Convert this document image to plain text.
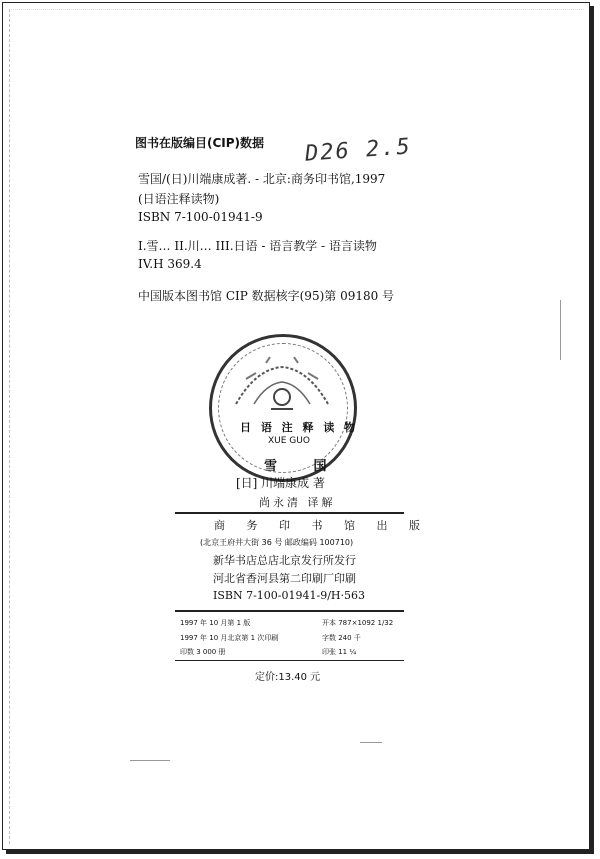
图书在版编目(CIP)数据 D26 2.5
雪国/(日)川端康成著. - 北京:商务印书馆,1997
(日语注释读物)
ISBN 7-100-01941-9
I.雪… II.川… III.日语 - 语言教学 - 语言读物
IV.H 369.4
中国版本图书馆 CIP 数据核字(95)第 09180 号
日 语 注 释 读 物
XUE GUO
雪 国
[日] 川端康成 著
尚永清 译解
商 务 印 书 馆 出 版
(北京王府井大街 36 号 邮政编码 100710)
新华书店总店北京发行所发行
河北省香河县第二印刷厂印刷
ISBN 7-100-01941-9/H·563
1997 年 10 月第 1 版
1997 年 10 月北京第 1 次印刷
印数 3 000 册
开本 787×1092 1/32
字数 240 千
印张 11 ¼
定价:13.40 元
